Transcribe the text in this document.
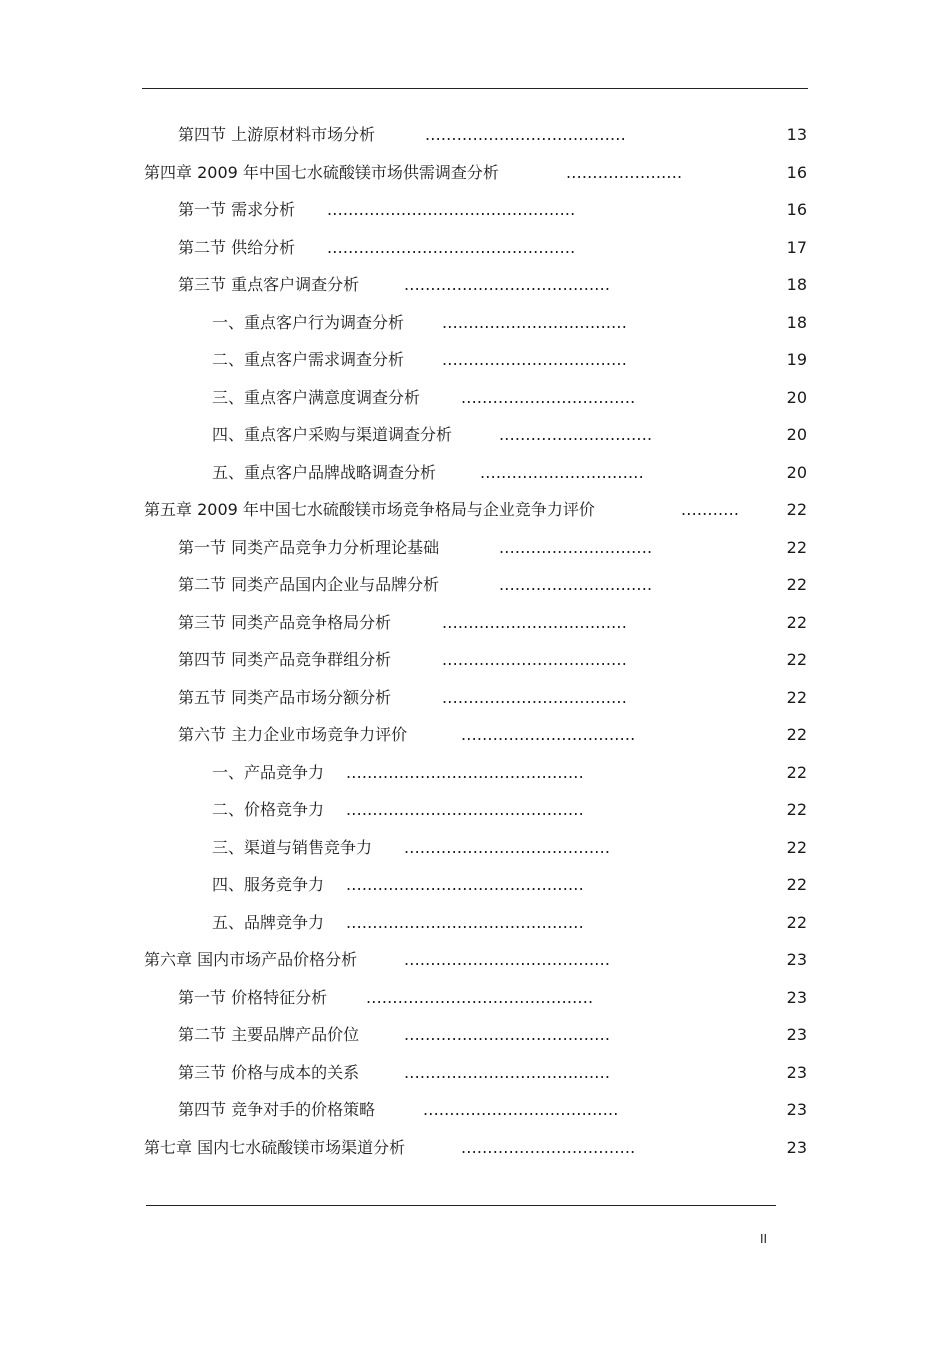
第四节 上游原材料市场分析	......................................	13
第四章 2009 年中国七水硫酸镁市场供需调查分析	......................	16
第一节 需求分析 ...............................................	16
第二节 供给分析 ...............................................	17
第三节 重点客户调查分析	.......................................	18
一、重点客户行为调查分析 ...................................	18
二、重点客户需求调查分析 ...................................	19
三、重点客户满意度调查分析	.................................	20
四、重点客户采购与渠道调查分析	.............................	20
五、重点客户品牌战略调查分析	...............................	20
第五章 2009 年中国七水硫酸镁市场竞争格局与企业竞争力评价	...........	22
第一节 同类产品竞争力分析理论基础	.............................	22
第二节 同类产品国内企业与品牌分析	.............................	22
第三节 同类产品竞争格局分析	...................................	22
第四节 同类产品竞争群组分析	...................................	22
第五节 同类产品市场分额分析	...................................	22
第六节 主力企业市场竞争力评价	.................................	22
一、产品竞争力 .............................................	22
二、价格竞争力 .............................................	22
三、渠道与销售竞争力 .......................................	22
四、服务竞争力 .............................................	22
五、品牌竞争力 .............................................	22
第六章 国内市场产品价格分析	.......................................	23
第一节 价格特征分析 ...........................................	23
第二节 主要品牌产品价位	.......................................	23
第三节 价格与成本的关系	.......................................	23
第四节 竞争对手的价格策略	.....................................	23
第七章 国内七水硫酸镁市场渠道分析	.................................	23
II
